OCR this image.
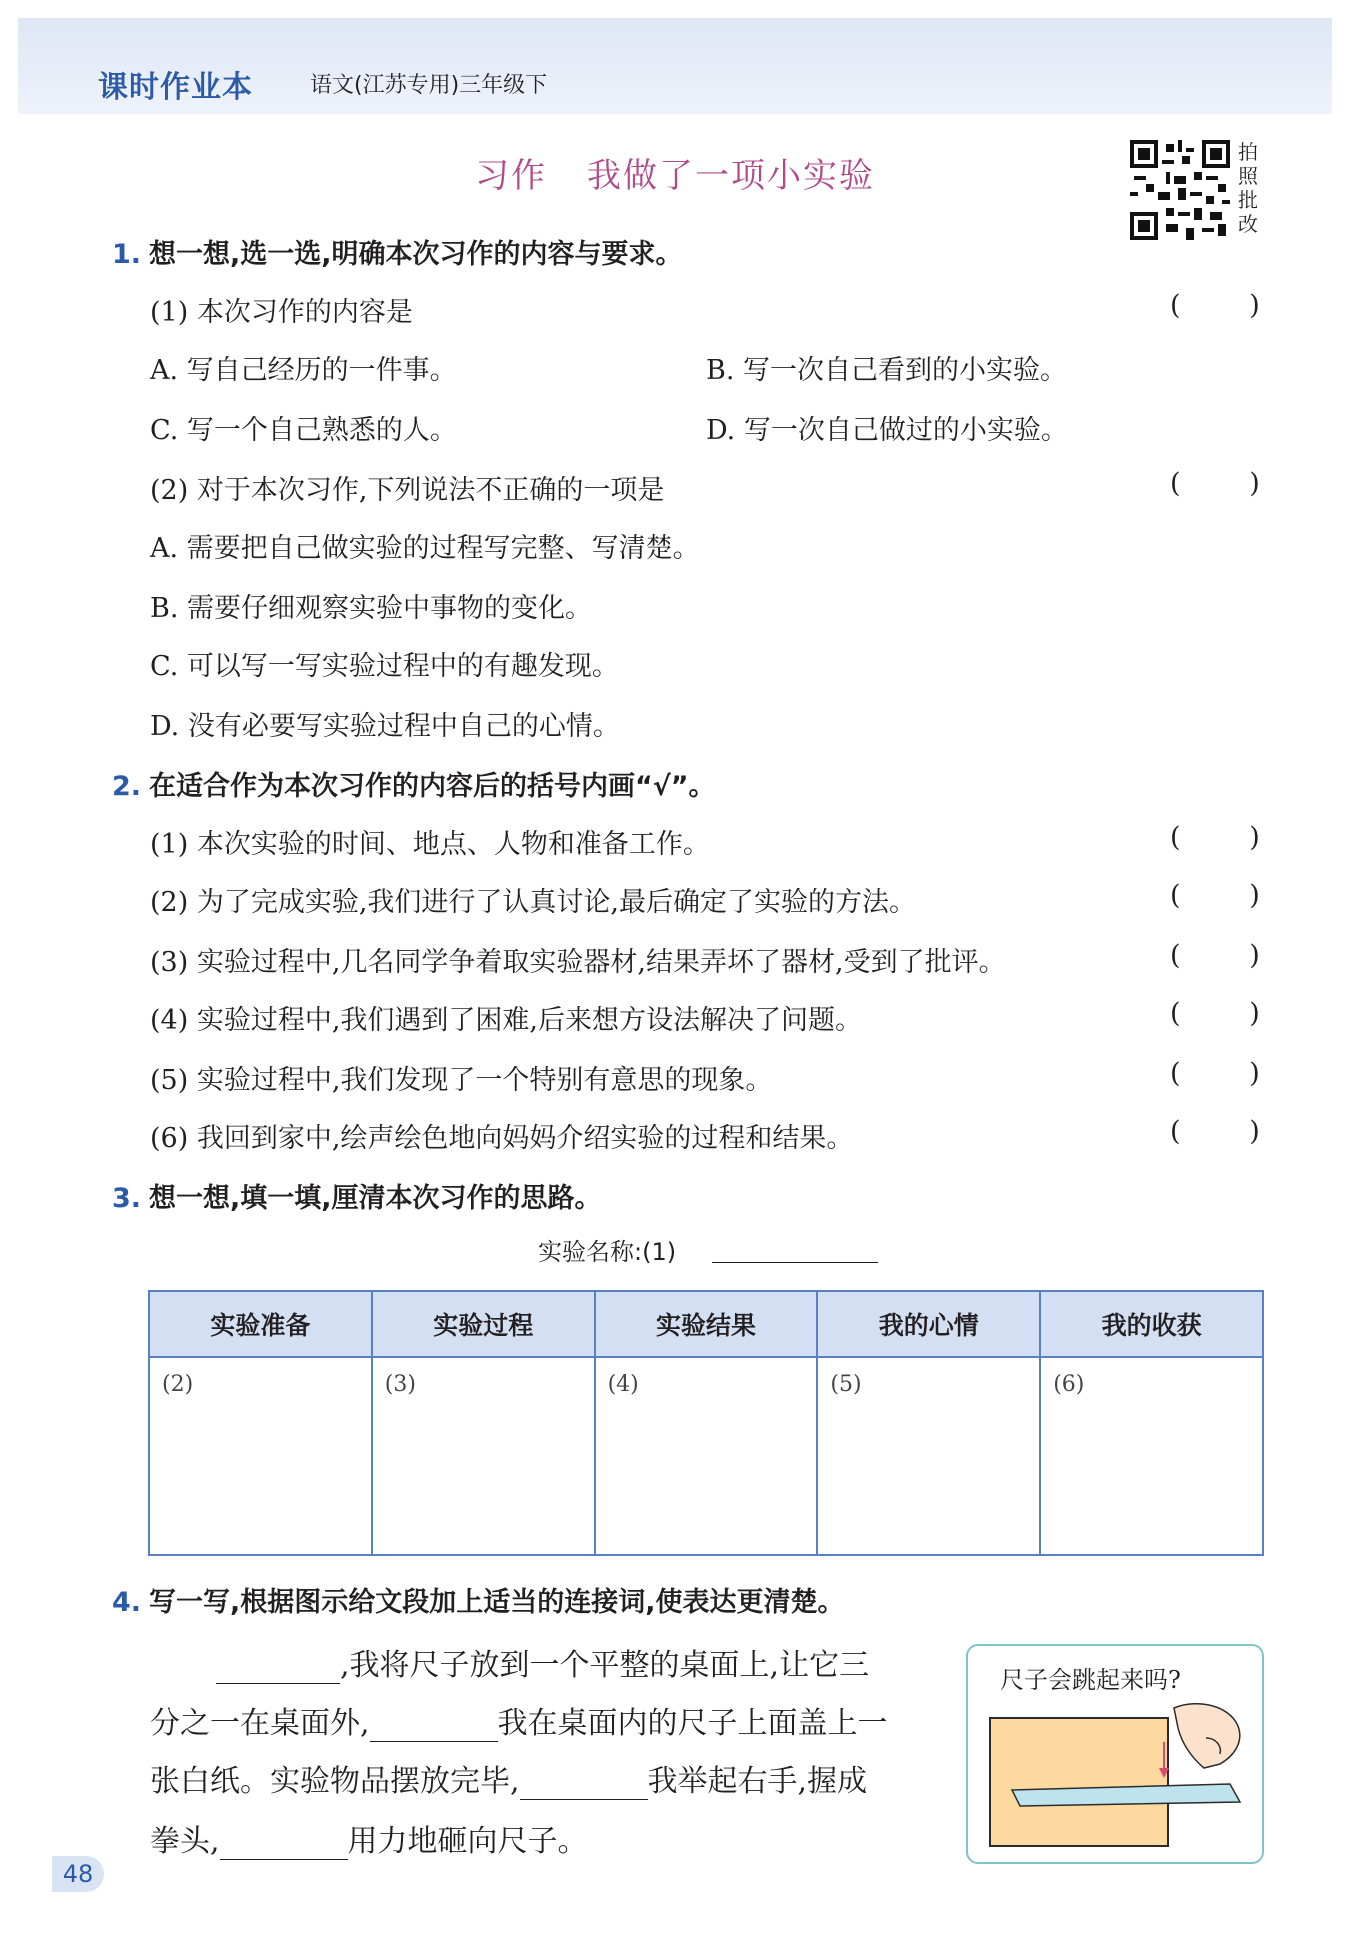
课时作业本	语文(江苏专用)三年级下
习作 我做了一项小实验
拍
照
批
改
1. 想一想,选一选,明确本次习作的内容与要求。
(1) 本次习作的内容是	(        )
A. 写自己经历的一件事。	B. 写一次自己看到的小实验。
C. 写一个自己熟悉的人。	D. 写一次自己做过的小实验。
(2) 对于本次习作,下列说法不正确的一项是	(        )
A. 需要把自己做实验的过程写完整、写清楚。
B. 需要仔细观察实验中事物的变化。
C. 可以写一写实验过程中的有趣发现。
D. 没有必要写实验过程中自己的心情。
2. 在适合作为本次习作的内容后的括号内画“√”。
(1) 本次实验的时间、地点、人物和准备工作。	(        )
(2) 为了完成实验,我们进行了认真讨论,最后确定了实验的方法。	(        )
(3) 实验过程中,几名同学争着取实验器材,结果弄坏了器材,受到了批评。	(        )
(4) 实验过程中,我们遇到了困难,后来想方设法解决了问题。	(        )
(5) 实验过程中,我们发现了一个特别有意思的现象。	(        )
(6) 我回到家中,绘声绘色地向妈妈介绍实验的过程和结果。	(        )
3. 想一想,填一填,厘清本次习作的思路。
实验名称:(1)
实验准备	实验过程	实验结果	我的心情	我的收获
(2)	(3)	(4)	(5)	(6)
4. 写一写,根据图示给文段加上适当的连接词,使表达更清楚。
,我将尺子放到一个平整的桌面上,让它三
分之一在桌面外,	我在桌面内的尺子上面盖上一
张白纸。实验物品摆放完毕,	我举起右手,握成
拳头,	用力地砸向尺子。
尺子会跳起来吗?
48
